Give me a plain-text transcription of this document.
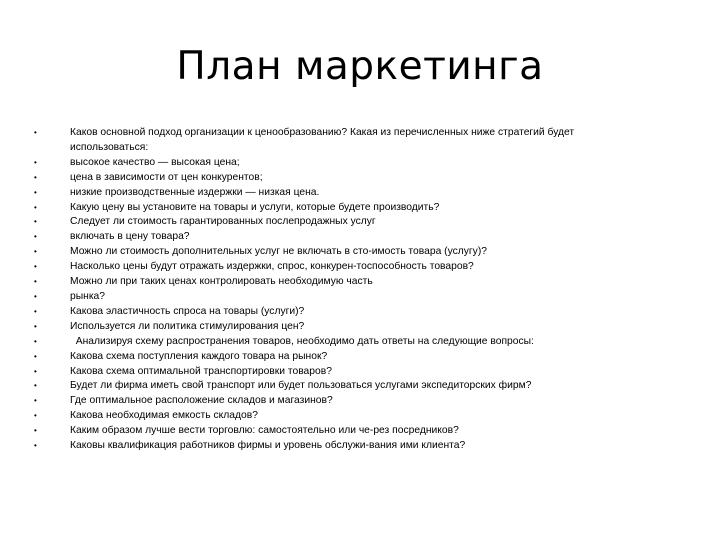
План маркетинга
•	Каков основной подход организации к ценообразованию? Какая из перечисленных ниже стратегий будет
использоваться:
•	высокое качество — высокая цена;
•	цена в зависимости от цен конкурентов;
•	низкие производственные издержки — низкая цена.
•	Какую цену вы установите на товары и услуги, которые будете производить?
•	Следует ли стоимость гарантированных послепродажных услуг
•	включать в цену товара?
•	Можно ли стоимость дополнительных услуг не включать в сто-имость товара (услугу)?
•	Насколько цены будут отражать издержки, спрос, конкурен-тоспособность товаров?
•	Можно ли при таких ценах контролировать необходимую часть
•	рынка?
•	Какова эластичность спроса на товары (услуги)?
•	Используется ли политика стимулирования цен?
•	Анализируя схему распространения товаров, необходимо дать ответы на следующие вопросы:
•	Какова схема поступления каждого товара на рынок?
•	Какова схема оптимальной транспортировки товаров?
•	Будет ли фирма иметь свой транспорт или будет пользоваться услугами экспедиторских фирм?
•	Где оптимальное расположение складов и магазинов?
•	Какова необходимая емкость складов?
•	Каким образом лучше вести торговлю: самостоятельно или че-рез посредников?
•	Каковы квалификация работников фирмы и уровень обслужи-вания ими клиента?
